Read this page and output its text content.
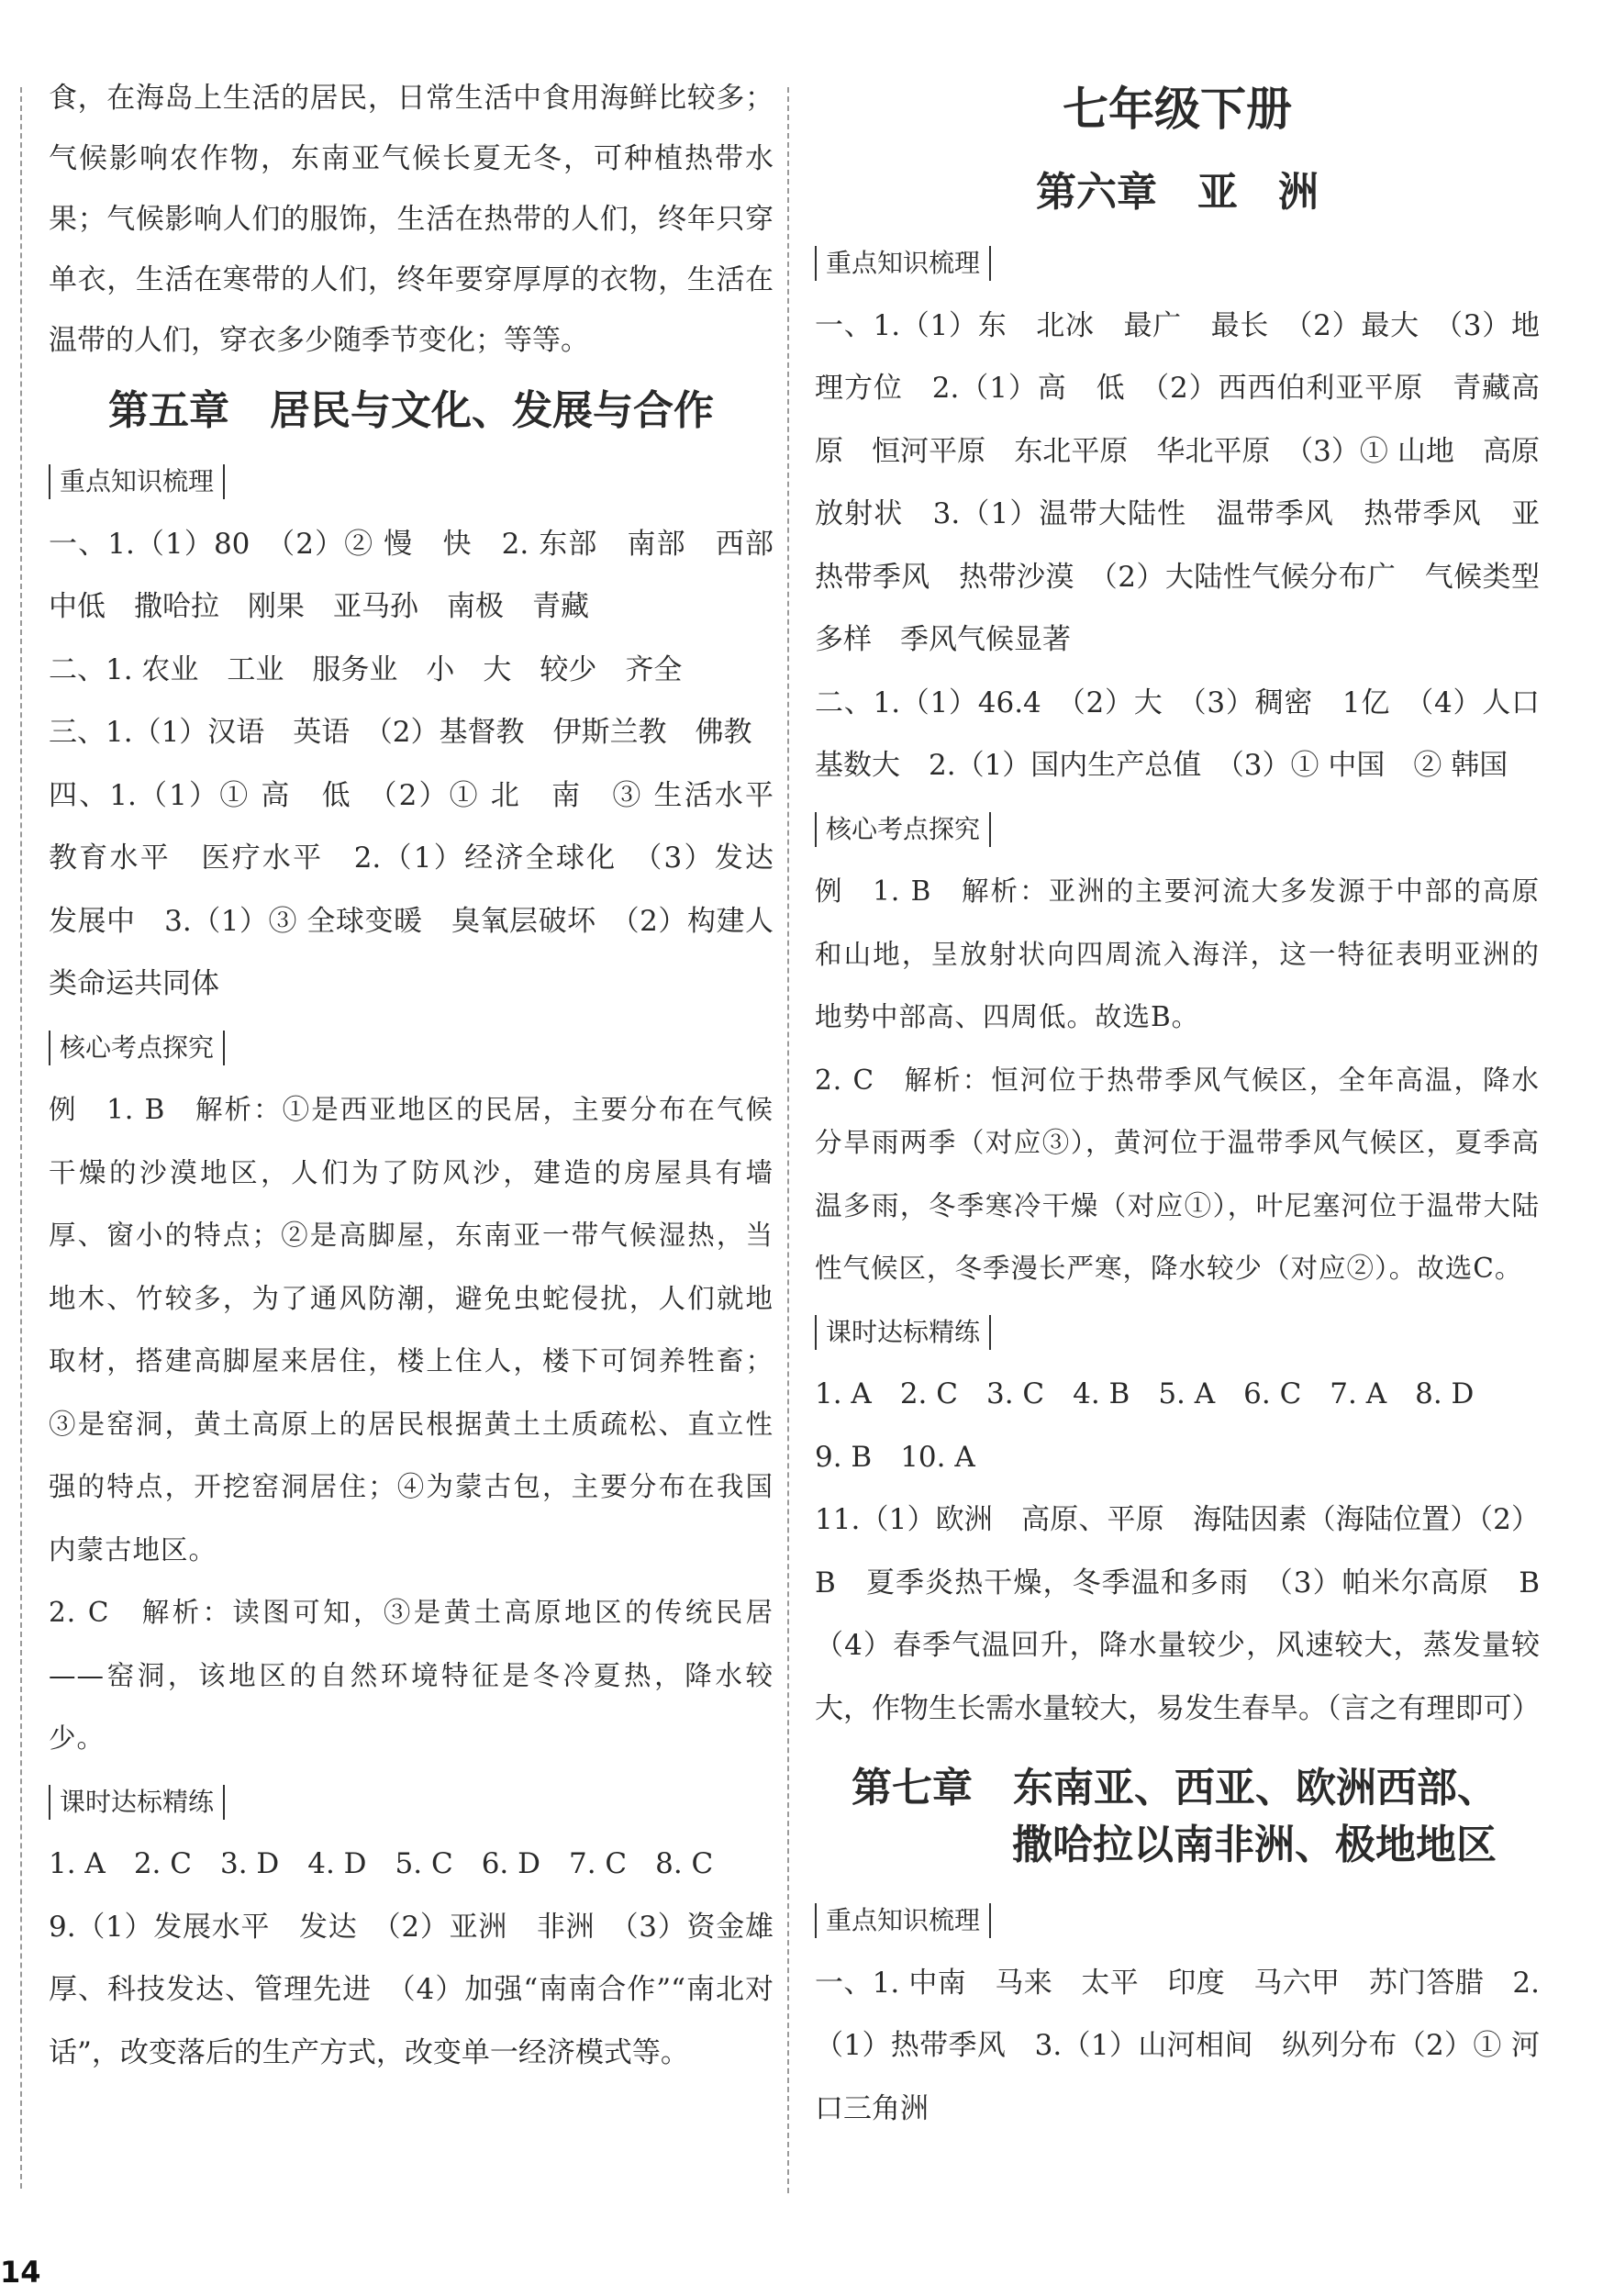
食，在海岛上生活的居民，日常生活中食用海鲜比较多；气候影响农作物，东南亚气候长夏无冬，可种植热带水果；气候影响人们的服饰，生活在热带的人们，终年只穿单衣，生活在寒带的人们，终年要穿厚厚的衣物，生活在温带的人们，穿衣多少随季节变化；等等。

第五章　居民与文化、发展与合作
重点知识梳理

一、1.（1）80　（2）② 慢　快　2. 东部　南部　西部　中低　撒哈拉　刚果　亚马孙　南极　青藏

二、1. 农业　工业　服务业　小　大　较少　齐全

三、1.（1）汉语　英语　（2）基督教　伊斯兰教　佛教

四、1.（1）① 高　低　（2）① 北　南　③ 生活水平　教育水平　医疗水平　2.（1）经济全球化　（3）发达　发展中　3.（1）③ 全球变暖　臭氧层破坏　（2）构建人类命运共同体

核心考点探究

例　1. B　解析：①是西亚地区的民居，主要分布在气候干燥的沙漠地区，人们为了防风沙，建造的房屋具有墙厚、窗小的特点；②是高脚屋，东南亚一带气候湿热，当地木、竹较多，为了通风防潮，避免虫蛇侵扰，人们就地取材，搭建高脚屋来居住，楼上住人，楼下可饲养牲畜；③是窑洞，黄土高原上的居民根据黄土土质疏松、直立性强的特点，开挖窑洞居住；④为蒙古包，主要分布在我国内蒙古地区。

2. C　解析：读图可知，③是黄土高原地区的传统民居——窑洞，该地区的自然环境特征是冬冷夏热，降水较少。

课时达标精练

1. A　2. C　3. D　4. D　5. C　6. D　7. C　8. C

9.（1）发展水平　发达　（2）亚洲　非洲　（3）资金雄厚、科技发达、管理先进　（4）加强“南南合作”“南北对话”，改变落后的生产方式，改变单一经济模式等。

七年级下册
第六章　亚　洲
重点知识梳理

一、1.（1）东　北冰　最广　最长　（2）最大　（3）地理方位　2.（1）高　低　（2）西西伯利亚平原　青藏高原　恒河平原　东北平原　华北平原　（3）① 山地　高原　放射状　3.（1）温带大陆性　温带季风　热带季风　亚热带季风　热带沙漠　（2）大陆性气候分布广　气候类型多样　季风气候显著

二、1.（1）46.4　（2）大　（3）稠密　1亿　（4）人口基数大　2.（1）国内生产总值　（3）① 中国　② 韩国

核心考点探究

例　1. B　解析：亚洲的主要河流大多发源于中部的高原和山地，呈放射状向四周流入海洋，这一特征表明亚洲的地势中部高、四周低。故选B。

2. C　解析：恒河位于热带季风气候区，全年高温，降水分旱雨两季（对应③），黄河位于温带季风气候区，夏季高温多雨，冬季寒冷干燥（对应①），叶尼塞河位于温带大陆性气候区，冬季漫长严寒，降水较少（对应②）。故选C。

课时达标精练

1. A　2. C　3. C　4. B　5. A　6. C　7. A　8. D

9. B　10. A

11.（1）欧洲　高原、平原　海陆因素（海陆位置）（2）B　夏季炎热干燥，冬季温和多雨　（3）帕米尔高原　B　（4）春季气温回升，降水量较少，风速较大，蒸发量较大，作物生长需水量较大，易发生春旱。（言之有理即可）

第七章　东南亚、西亚、欧洲西部、
撒哈拉以南非洲、极地地区
重点知识梳理

一、1. 中南　马来　太平　印度　马六甲　苏门答腊　2.（1）热带季风　3.（1）山河相间　纵列分布（2）① 河口三角洲

14
